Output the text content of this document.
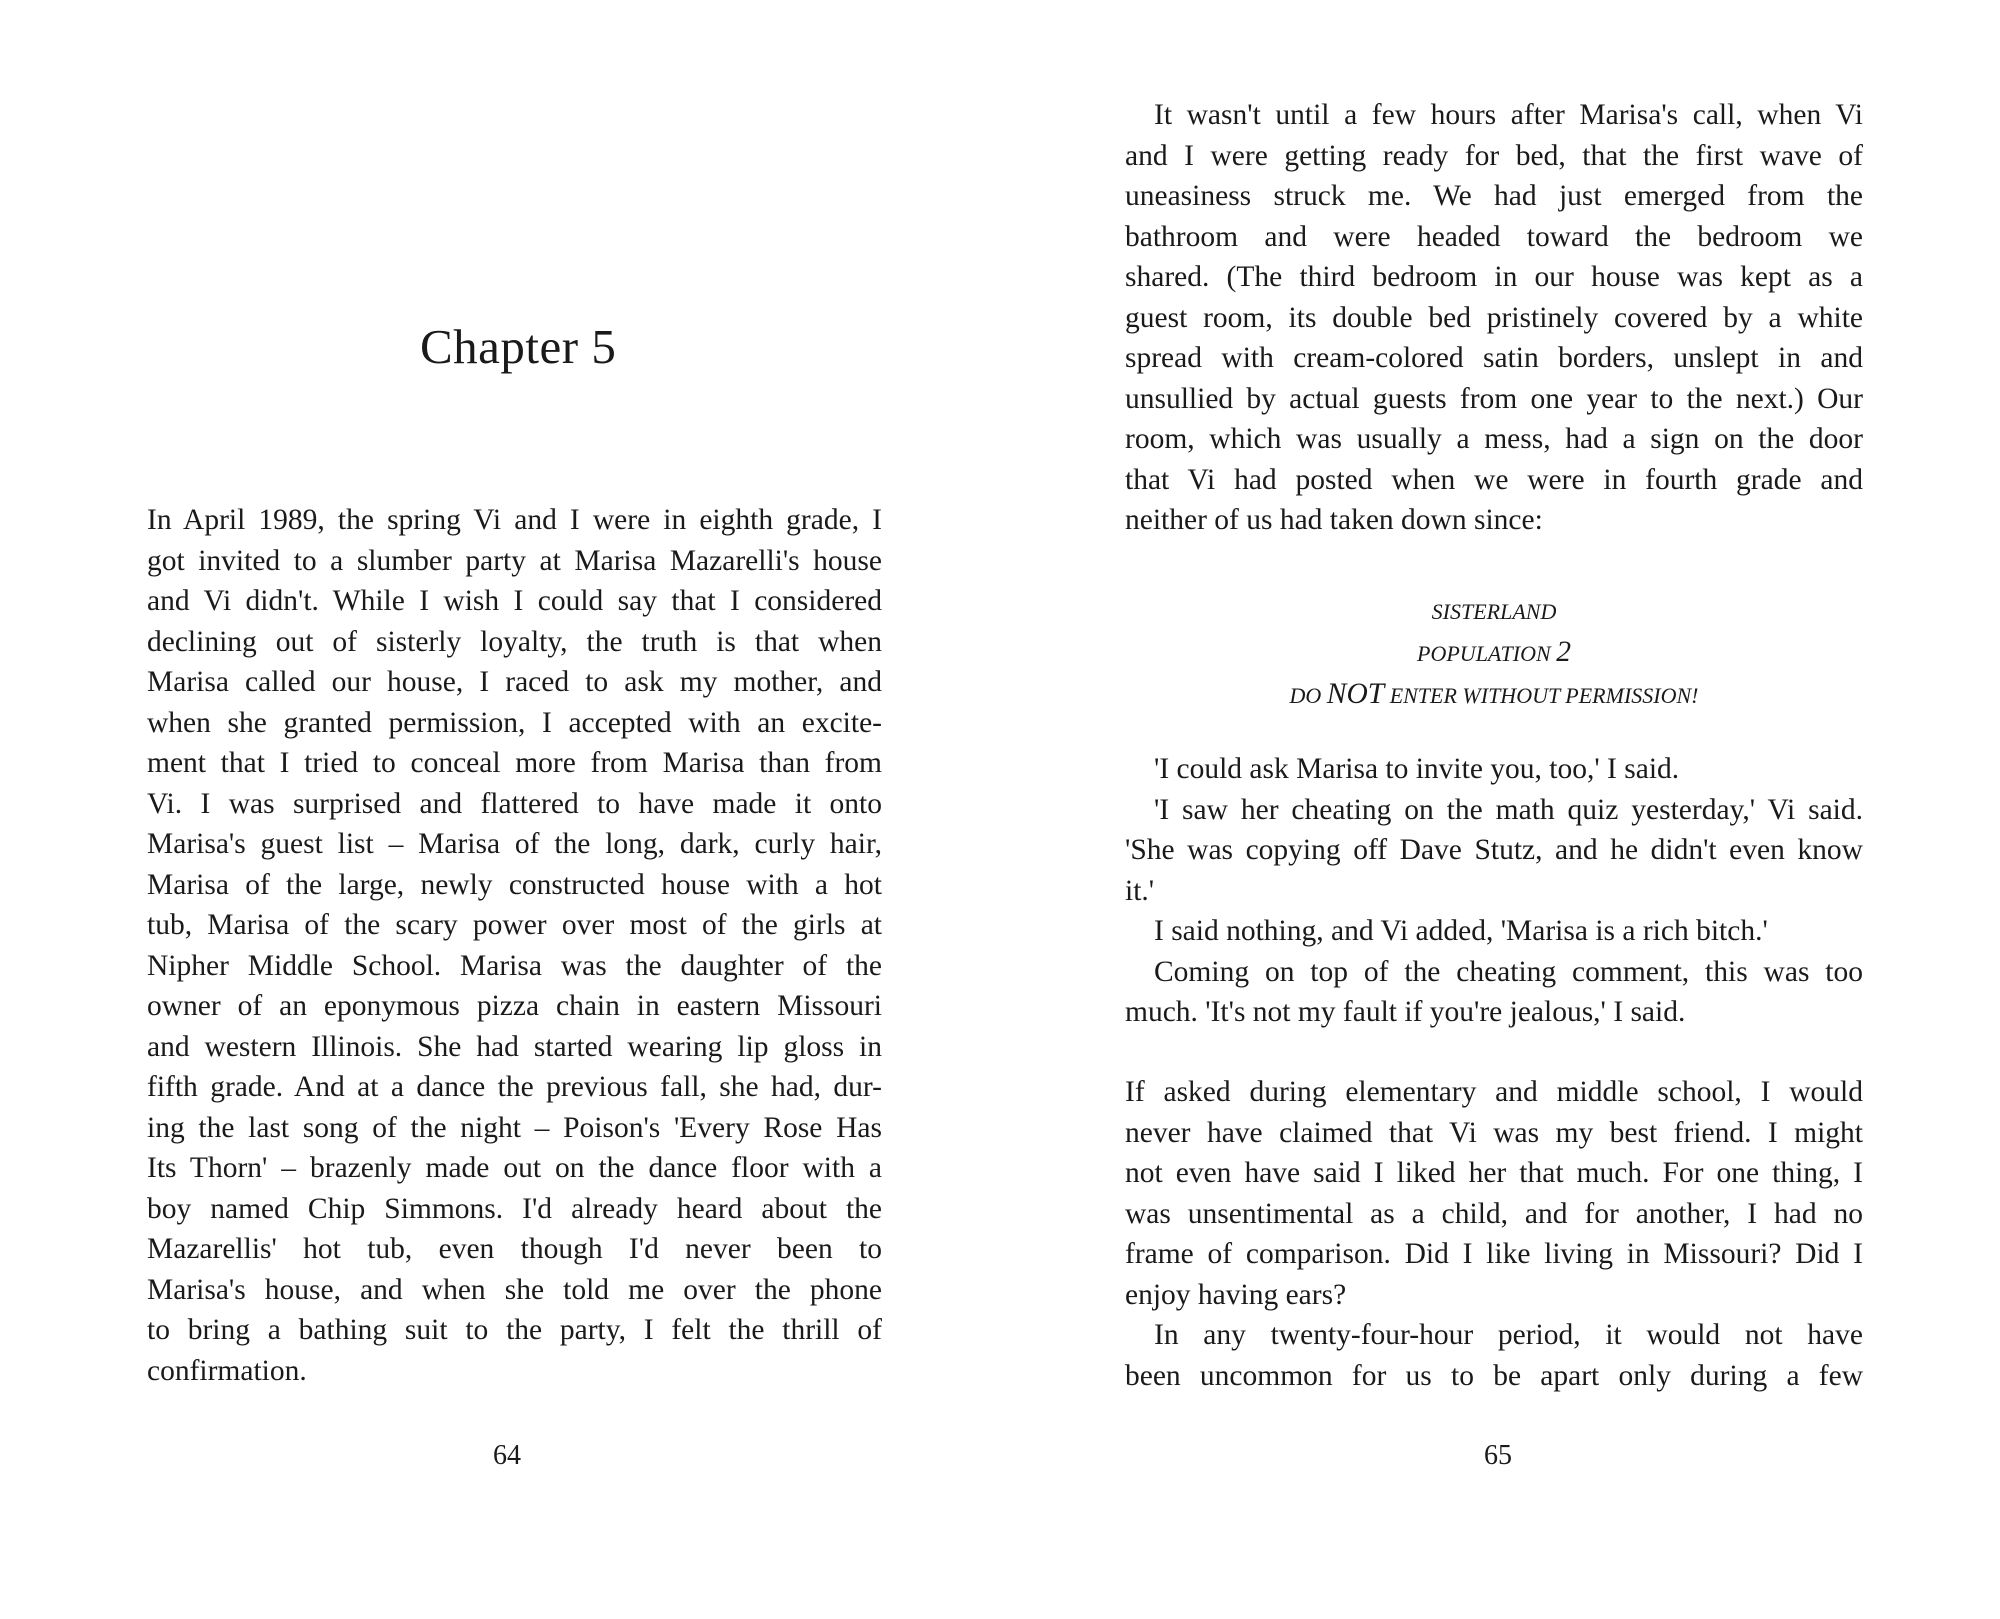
Chapter 5

In April 1989, the spring Vi and I were in eighth grade, I

got invited to a slumber party at Marisa Mazarelli's house

and Vi didn't. While I wish I could say that I considered

declining out of sisterly loyalty, the truth is that when

Marisa called our house, I raced to ask my mother, and

when she granted permission, I accepted with an excite-

ment that I tried to conceal more from Marisa than from

Vi. I was surprised and flattered to have made it onto

Marisa's guest list – Marisa of the long, dark, curly hair,

Marisa of the large, newly constructed house with a hot

tub, Marisa of the scary power over most of the girls at

Nipher Middle School. Marisa was the daughter of the

owner of an eponymous pizza chain in eastern Missouri

and western Illinois. She had started wearing lip gloss in

fifth grade. And at a dance the previous fall, she had, dur-

ing the last song of the night – Poison's 'Every Rose Has

Its Thorn' – brazenly made out on the dance floor with a

boy named Chip Simmons. I'd already heard about the

Mazarellis' hot tub, even though I'd never been to

Marisa's house, and when she told me over the phone

to bring a bathing suit to the party, I felt the thrill of

confirmation.

64

It wasn't until a few hours after Marisa's call, when Vi

and I were getting ready for bed, that the first wave of

uneasiness struck me. We had just emerged from the

bathroom and were headed toward the bedroom we

shared. (The third bedroom in our house was kept as a

guest room, its double bed pristinely covered by a white

spread with cream-colored satin borders, unslept in and

unsullied by actual guests from one year to the next.) Our

room, which was usually a mess, had a sign on the door

that Vi had posted when we were in fourth grade and

neither of us had taken down since:

SISTERLAND
POPULATION 2
DO NOT ENTER WITHOUT PERMISSION!

'I could ask Marisa to invite you, too,' I said.

'I saw her cheating on the math quiz yesterday,' Vi said.

'She was copying off Dave Stutz, and he didn't even know

it.'

I said nothing, and Vi added, 'Marisa is a rich bitch.'

Coming on top of the cheating comment, this was too

much. 'It's not my fault if you're jealous,' I said.

If asked during elementary and middle school, I would

never have claimed that Vi was my best friend. I might

not even have said I liked her that much. For one thing, I

was unsentimental as a child, and for another, I had no

frame of comparison. Did I like living in Missouri? Did I

enjoy having ears?

In any twenty-four-hour period, it would not have

been uncommon for us to be apart only during a few

65
